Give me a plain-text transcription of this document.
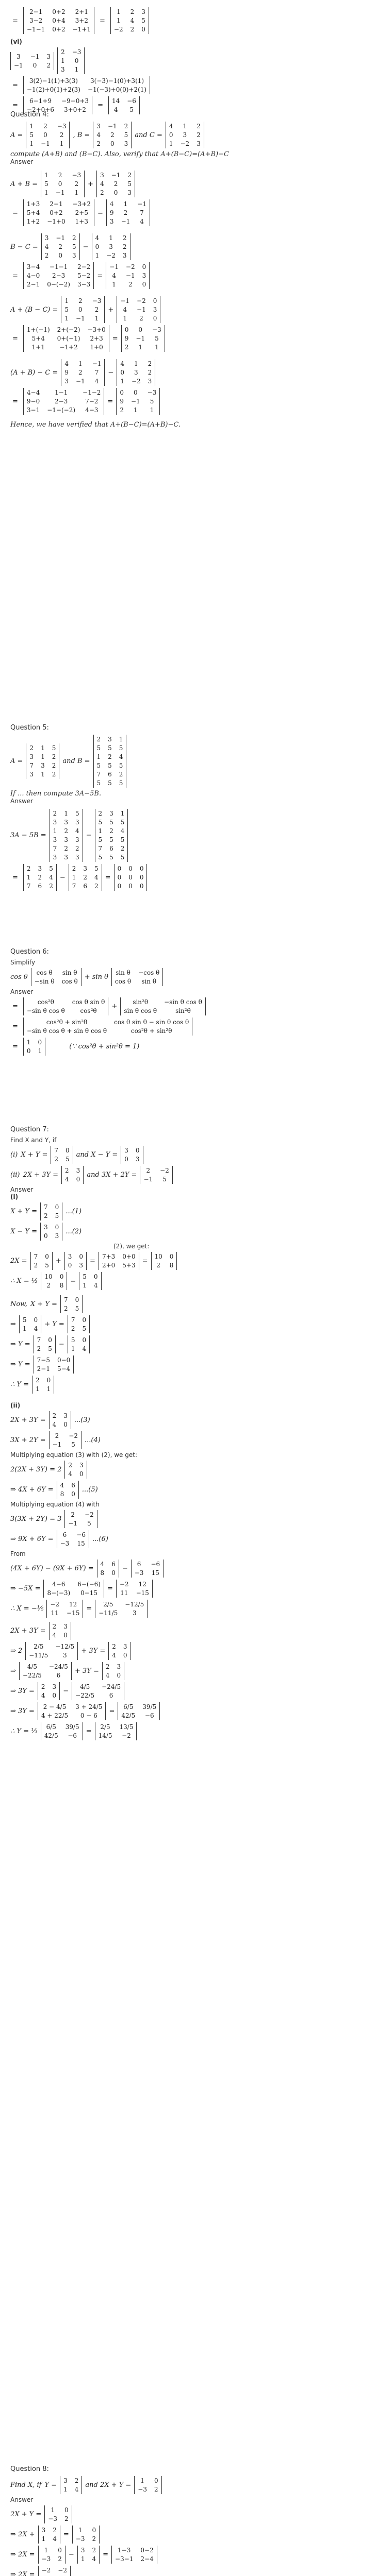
=
2−1	0+2	2+1
3−2	0+4	3+2
−1−1 0+2 −1+1
=
1	2 3
1	4 5
−2 2 0
(vi)
3	−1 3
−1	0	2
2 −3
1	0
3	1
=
3(2)−1(1)+3(3)	3(−3)−1(0)+3(1)
−1(2)+0(1)+2(3) −1(−3)+0(0)+2(1)
=
6−1+9	−9−0+3
−2+0+6	3+0+2
=
14 −6
4	5
Question 4:
A =
1	2	−3
5	0	2
1 −1	1
, B =
3 −1 2
4	2	5
2	0	3
and C =
4	1	2
0	3	2
1 −2 3
compute (A+B) and (B−C). Also, verify that A+(B−C)=(A+B)−C
Answer
A + B =
1	2	−3
5	0	2
1 −1	1
+
3 −1 2
4	2	5
2	0	3
=
1+3	2−1	−3+2
5+4	0+2	2+5
1+2 −1+0	1+3
=
4	1	−1
9	2	7
3 −1	4
B − C =
3 −1 2
4	2	5
2	0	3
−
4	1	2
0	3	2
1 −2 3
=
3−4	−1−1	2−2
4−0	2−3	5−2
2−1 0−(−2) 3−3
=
−1 −2 0
4	−1 3
1	2	0
A + (B − C) =
1	2	−3
5	0	2
1 −1	1
+
−1 −2 0
4	−1 3
1	2	0
=
1+(−1) 2+(−2) −3+0
5+4	0+(−1)	2+3
1+1	−1+2	1+0
=
0	0	−3
9 −1	5
2	1	1
(A + B) − C =
4	1	−1
9	2	7
3 −1	4
−
4	1	2
0	3	2
1 −2 3
=
4−4	1−1	−1−2
9−0	2−3	7−2
3−1 −1−(−2)	4−3
=
0	0	−3
9 −1	5
2	1	1
Hence, we have verified that A+(B−C)=(A+B)−C.
Question 5:
A =
2 1 5
3 1 2
7 3 2
3 1 2
and B =
2 3 1
5 5 5
1 2 4
5 5 5
7 6 2
5 5 5
If ... then compute 3A−5B.
Answer
3A − 5B =
2 1 5
3 3 3
1 2 4
3 3 3
7 2 2
3 3 3
−
2 3 1
5 5 5
1 2 4
5 5 5
7 6 2
5 5 5
=
2 3 5
1 2 4
7 6 2
−
2 3 5
1 2 4
7 6 2
=
0 0 0
0 0 0
0 0 0
Question 6:
Simplify
cos θ
cos θ	sin θ
−sin θ cos θ
+ sin θ
sin θ −cos θ
cos θ	sin θ
Answer
=
cos²θ	cos θ sin θ
−sin θ cos θ	cos²θ
+
sin²θ	−sin θ cos θ
sin θ cos θ	sin²θ
=
cos²θ + sin²θ	cos θ sin θ − sin θ cos θ
−sin θ cos θ + sin θ cos θ	cos²θ + sin²θ
=
1 0
0 1
(∵ cos²θ + sin²θ = 1)
Question 7:
Find X and Y, if
(i) X + Y =
7 0
2 5
and X − Y =
3 0
0 3
(ii) 2X + 3Y =
2 3
4 0
and 3X + 2Y =
2	−2
−1	5
Answer
(i)
X + Y =
7 0
2 5
...(1)
X − Y =
3 0
0 3
...(2)
(2), we get:
2X =
7 0
2 5
+
3 0
0 3
=
7+3 0+0
2+0 5+3
=
10 0
2	8
∴ X = ½
10 0
2	8
=
5 0
1 4
Now, X + Y =
7 0
2 5
⇒
5 0
1 4
+ Y =
7 0
2 5
⇒ Y =
7 0
2 5
−
5 0
1 4
⇒ Y =
7−5 0−0
2−1 5−4
∴ Y =
2 0
1 1
(ii)
2X + 3Y =
2 3
4 0
...(3)
3X + 2Y =
2	−2
−1	5
...(4)
Multiplying equation (3) with (2), we get:
2(2X + 3Y) = 2
2 3
4 0
⇒ 4X + 6Y =
4 6
8 0
...(5)
Multiplying equation (4) with
3(3X + 2Y) = 3
2	−2
−1	5
⇒ 9X + 6Y =
6	−6
−3 15
...(6)
From
(4X + 6Y) − (9X + 6Y) =
4 6
8 0
−
6	−6
−3 15
⇒ −5X =
4−6	6−(−6)
8−(−3)	0−15
=
−2	12
11 −15
∴ X = −⅕
−2	12
11 −15
=
2/5	−12/5
−11/5	3
2X + 3Y =
2 3
4 0
⇒ 2
2/5	−12/5
−11/5	3
+ 3Y =
2 3
4 0
⇒
4/5	−24/5
−22/5	6
+ 3Y =
2 3
4 0
⇒ 3Y =
2 3
4 0
−
4/5	−24/5
−22/5	6
⇒ 3Y =
2 − 4/5	3 + 24/5
4 + 22/5	0 − 6
=
6/5	39/5
42/5	−6
∴ Y = ⅓
6/5	39/5
42/5	−6
=
2/5	13/5
14/5	−2
Question 8:
Find X, if Y =
3 2
1 4
and 2X + Y =
1	0
−3 2
Answer
2X + Y =
1	0
−3 2
⇒ 2X +
3 2
1 4
=
1	0
−3 2
⇒ 2X =
1	0
−3 2
−
3 2
1 4
=
1−3	0−2
−3−1 2−4
⇒ 2X =
−2 −2
